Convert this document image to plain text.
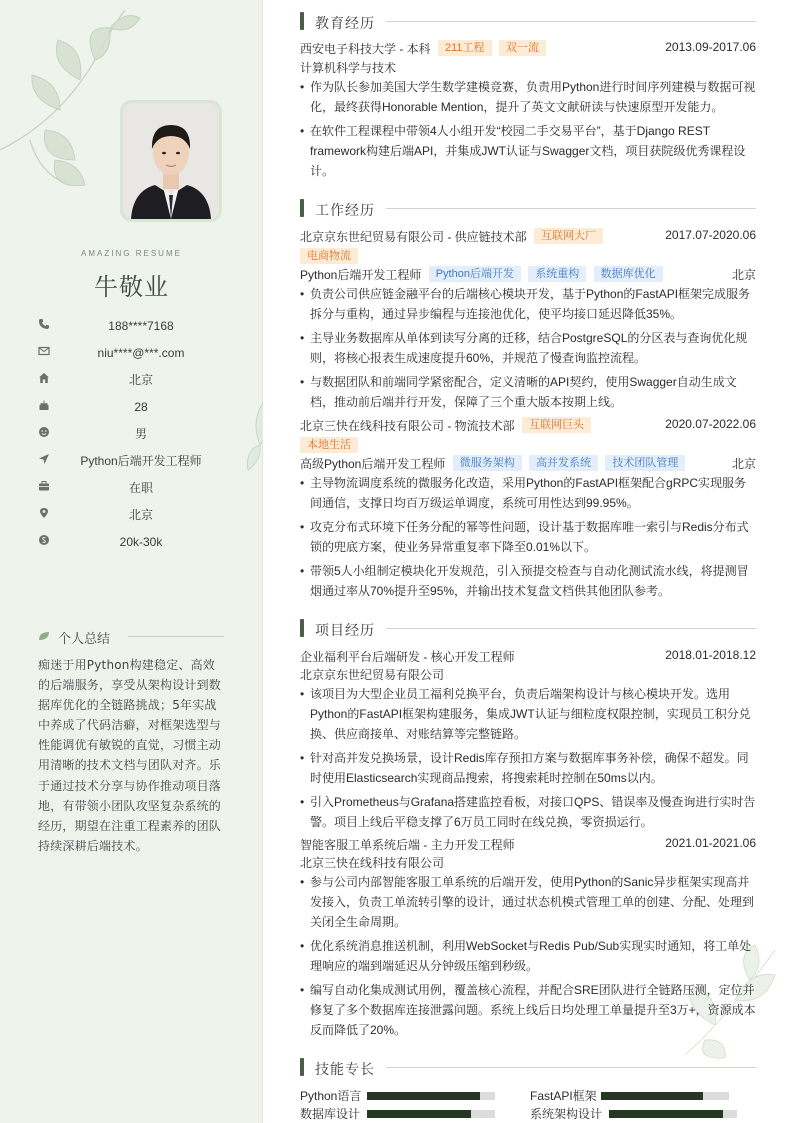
AMAZING RESUME
牛敬业
188****7168
niu****@***.com
北京
28
男
Python后端开发工程师
在职
北京
20k-30k
个人总结
痴迷于用Python构建稳定、高效的后端服务，享受从架构设计到数据库优化的全链路挑战；5年实战中养成了代码洁癖，对框架选型与性能调优有敏锐的直觉，习惯主动用清晰的技术文档与团队对齐。乐于通过技术分享与协作推动项目落地，有带领小团队攻坚复杂系统的经历，期望在注重工程素养的团队持续深耕后端技术。
教育经历
西安电子科技大学 - 本科 211工程 双一流	2013.09-2017.06
计算机科学与技术
• 作为队长参加美国大学生数学建模竞赛，负责用Python进行时间序列建模与数据可视化，最终获得Honorable Mention，提升了英文文献研读与快速原型开发能力。
• 在软件工程课程中带领4人小组开发“校园二手交易平台”，基于Django REST framework构建后端API，并集成JWT认证与Swagger文档，项目获院级优秀课程设计。
工作经历
北京京东世纪贸易有限公司 - 供应链技术部 互联网大厂	2017.07-2020.06
电商物流
Python后端开发工程师 Python后端开发 系统重构 数据库优化	北京
• 负责公司供应链金融平台的后端核心模块开发，基于Python的FastAPI框架完成服务拆分与重构，通过异步编程与连接池优化，使平均接口延迟降低35%。
• 主导业务数据库从单体到读写分离的迁移，结合PostgreSQL的分区表与查询优化规则，将核心报表生成速度提升60%，并规范了慢查询监控流程。
• 与数据团队和前端同学紧密配合，定义清晰的API契约，使用Swagger自动生成文档，推动前后端并行开发，保障了三个重大版本按期上线。
北京三快在线科技有限公司 - 物流技术部 互联网巨头	2020.07-2022.06
本地生活
高级Python后端开发工程师 微服务架构 高并发系统 技术团队管理	北京
• 主导物流调度系统的微服务化改造，采用Python的FastAPI框架配合gRPC实现服务间通信，支撑日均百万级运单调度，系统可用性达到99.95%。
• 攻克分布式环境下任务分配的幂等性问题，设计基于数据库唯一索引与Redis分布式锁的兜底方案，使业务异常重复率下降至0.01%以下。
• 带领5人小组制定模块化开发规范，引入预提交检查与自动化测试流水线，将提测冒烟通过率从70%提升至95%，并输出技术复盘文档供其他团队参考。
项目经历
企业福利平台后端研发 - 核心开发工程师	2018.01-2018.12
北京京东世纪贸易有限公司
• 该项目为大型企业员工福利兑换平台，负责后端架构设计与核心模块开发。选用Python的FastAPI框架构建服务，集成JWT认证与细粒度权限控制，实现员工积分兑换、供应商接单、对账结算等完整链路。
• 针对高并发兑换场景，设计Redis库存预扣方案与数据库事务补偿，确保不超发。同时使用Elasticsearch实现商品搜索，将搜索耗时控制在50ms以内。
• 引入Prometheus与Grafana搭建监控看板，对接口QPS、错误率及慢查询进行实时告警。项目上线后平稳支撑了6万员工同时在线兑换，零资损运行。
智能客服工单系统后端 - 主力开发工程师	2021.01-2021.06
北京三快在线科技有限公司
• 参与公司内部智能客服工单系统的后端开发，使用Python的Sanic异步框架实现高并发接入，负责工单流转引擎的设计，通过状态机模式管理工单的创建、分配、处理到关闭全生命周期。
• 优化系统消息推送机制，利用WebSocket与Redis Pub/Sub实现实时通知，将工单处理响应的端到端延迟从分钟级压缩到秒级。
• 编写自动化集成测试用例，覆盖核心流程，并配合SRE团队进行全链路压测，定位并修复了多个数据库连接泄露问题。系统上线后日均处理工单量提升至3万+，资源成本反而降低了20%。
技能专长
Python语言	FastAPI框架
数据库设计	系统架构设计
